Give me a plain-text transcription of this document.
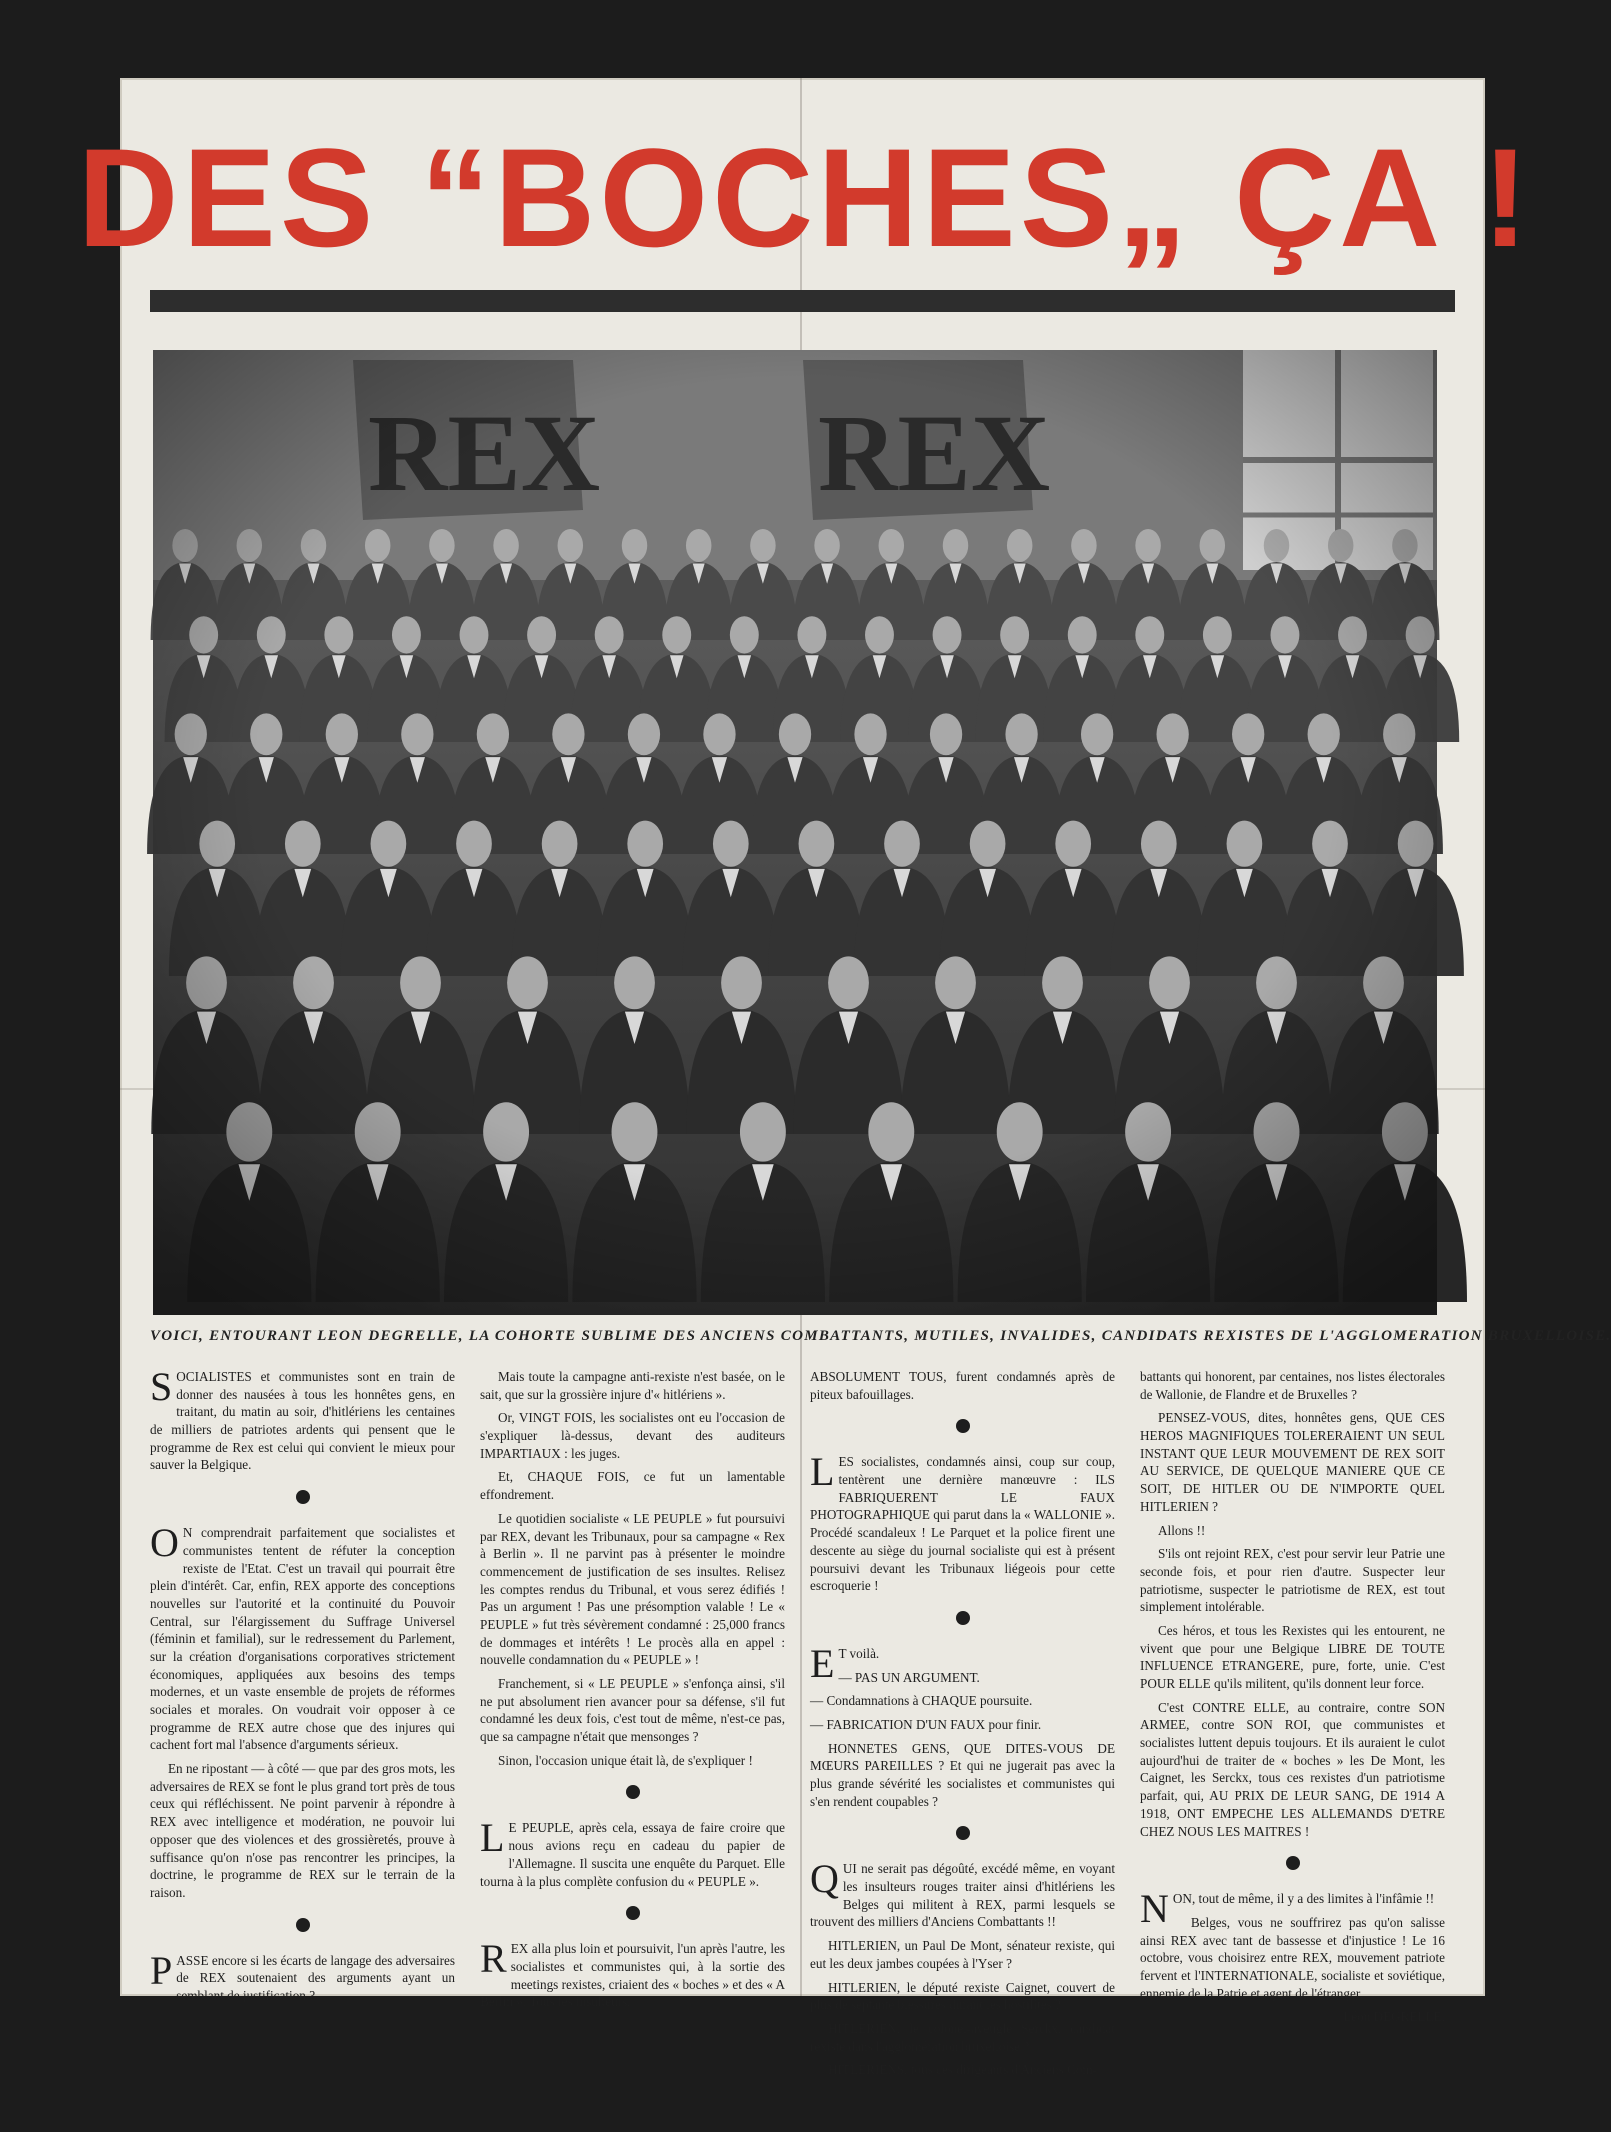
DES “BOCHES„ ÇA !
VOICI, ENTOURANT LEON DEGRELLE, LA COHORTE SUBLIME DES ANCIENS COMBATTANTS, MUTILES, INVALIDES, CANDIDATS REXISTES DE L'AGGLOMERATION BRUXELLOISE.

SOCIALISTES et communistes sont en train de donner des nausées à tous les honnêtes gens, en traitant, du matin au soir, d'hitlériens les centaines de milliers de patriotes ardents qui pensent que le programme de Rex est celui qui convient le mieux pour sauver la Belgique.

ON comprendrait parfaitement que socialistes et communistes tentent de réfuter la conception rexiste de l'Etat. C'est un travail qui pourrait être plein d'intérêt. Car, enfin, REX apporte des conceptions nouvelles sur l'autorité et la continuité du Pouvoir Central, sur l'élargissement du Suffrage Universel (féminin et familial), sur le redressement du Parlement, sur la création d'organisations corporatives strictement économiques, appliquées aux besoins des temps modernes, et un vaste ensemble de projets de réformes sociales et morales. On voudrait voir opposer à ce programme de REX autre chose que des injures qui cachent fort mal l'absence d'arguments sérieux.

En ne ripostant — à côté — que par des gros mots, les adversaires de REX se font le plus grand tort près de tous ceux qui réfléchissent. Ne point parvenir à répondre à REX avec intelligence et modération, ne pouvoir lui opposer que des violences et des grossièretés, prouve à suffisance qu'on n'ose pas rencontrer les principes, la doctrine, le programme de REX sur le terrain de la raison.

PASSE encore si les écarts de langage des adversaires de REX soutenaient des arguments ayant un semblant de justification ?

Mais toute la campagne anti-rexiste n'est basée, on le sait, que sur la grossière injure d'« hitlériens ».

Or, VINGT FOIS, les socialistes ont eu l'occasion de s'expliquer là-dessus, devant des auditeurs IMPARTIAUX : les juges.

Et, CHAQUE FOIS, ce fut un lamentable effondrement.

Le quotidien socialiste « LE PEUPLE » fut poursuivi par REX, devant les Tribunaux, pour sa campagne « Rex à Berlin ». Il ne parvint pas à présenter le moindre commencement de justification de ses insultes. Relisez les comptes rendus du Tribunal, et vous serez édifiés ! Pas un argument ! Pas une présomption valable ! Le « PEUPLE » fut très sévèrement condamné : 25,000 francs de dommages et intérêts ! Le procès alla en appel : nouvelle condamnation du « PEUPLE » !

Franchement, si « LE PEUPLE » s'enfonça ainsi, s'il ne put absolument rien avancer pour sa défense, s'il fut condamné les deux fois, c'est tout de même, n'est-ce pas, que sa campagne n'était que mensonges ?

Sinon, l'occasion unique était là, de s'expliquer !

LE PEUPLE, après cela, essaya de faire croire que nous avions reçu en cadeau du papier de l'Allemagne. Il suscita une enquête du Parquet. Elle tourna à la plus complète confusion du « PEUPLE ».

REX alla plus loin et poursuivit, l'un après l'autre, les socialistes et communistes qui, à la sortie des meetings rexistes, criaient des « boches » et des « A Berlin ». Tous les insulteurs,

ABSOLUMENT TOUS, furent condamnés après de piteux bafouillages.

LES socialistes, condamnés ainsi, coup sur coup, tentèrent une dernière manœuvre : ILS FABRIQUERENT LE FAUX PHOTOGRAPHIQUE qui parut dans la « WALLONIE ». Procédé scandaleux ! Le Parquet et la police firent une descente au siège du journal socialiste qui est à présent poursuivi devant les Tribunaux liégeois pour cette escroquerie !

ET voilà.

— PAS UN ARGUMENT.

— Condamnations à CHAQUE poursuite.

— FABRICATION D'UN FAUX pour finir.

HONNETES GENS, QUE DITES-VOUS DE MŒURS PAREILLES ? Et qui ne jugerait pas avec la plus grande sévérité les socialistes et communistes qui s'en rendent coupables ?

QUI ne serait pas dégoûté, excédé même, en voyant les insulteurs rouges traiter ainsi d'hitlériens les Belges qui militent à REX, parmi lesquels se trouvent des milliers d'Anciens Combattants !!

HITLERIEN, un Paul De Mont, sénateur rexiste, qui eut les deux jambes coupées à l'Yser ?

HITLERIEN, le député rexiste Caignet, couvert de plus de septante blessures durant les hostilités ?

HITLERIEN, le colonel-aveugle Serckx, candidat rexiste dans l'agglomération bruxelloise ?

HITLERIENS, tous ces dirigeants d'Anciens Com-

battants qui honorent, par centaines, nos listes électorales de Wallonie, de Flandre et de Bruxelles ?

PENSEZ-VOUS, dites, honnêtes gens, QUE CES HEROS MAGNIFIQUES TOLERERAIENT UN SEUL INSTANT QUE LEUR MOUVEMENT DE REX SOIT AU SERVICE, DE QUELQUE MANIERE QUE CE SOIT, DE HITLER OU DE N'IMPORTE QUEL HITLERIEN ?

Allons !!

S'ils ont rejoint REX, c'est pour servir leur Patrie une seconde fois, et pour rien d'autre. Suspecter leur patriotisme, suspecter le patriotisme de REX, est tout simplement intolérable.

Ces héros, et tous les Rexistes qui les entourent, ne vivent que pour une Belgique LIBRE DE TOUTE INFLUENCE ETRANGERE, pure, forte, unie. C'est POUR ELLE qu'ils militent, qu'ils donnent leur force.

C'est CONTRE ELLE, au contraire, contre SON ARMEE, contre SON ROI, que communistes et socialistes luttent depuis toujours. Et ils auraient le culot aujourd'hui de traiter de « boches » les De Mont, les Caignet, les Serckx, tous ces rexistes d'un patriotisme parfait, qui, AU PRIX DE LEUR SANG, DE 1914 A 1918, ONT EMPECHE LES ALLEMANDS D'ETRE CHEZ NOUS LES MAITRES !

NON, tout de même, il y a des limites à l'infâmie !!

Belges, vous ne souffrirez pas qu'on salisse ainsi REX avec tant de bassesse et d'injustice ! Le 16 octobre, vous choisirez entre REX, mouvement patriote fervent et l'INTERNATIONALE, socialiste et soviétique, ennemie de la Patrie et agent de l'étranger.

Léon DEGRELLE.
